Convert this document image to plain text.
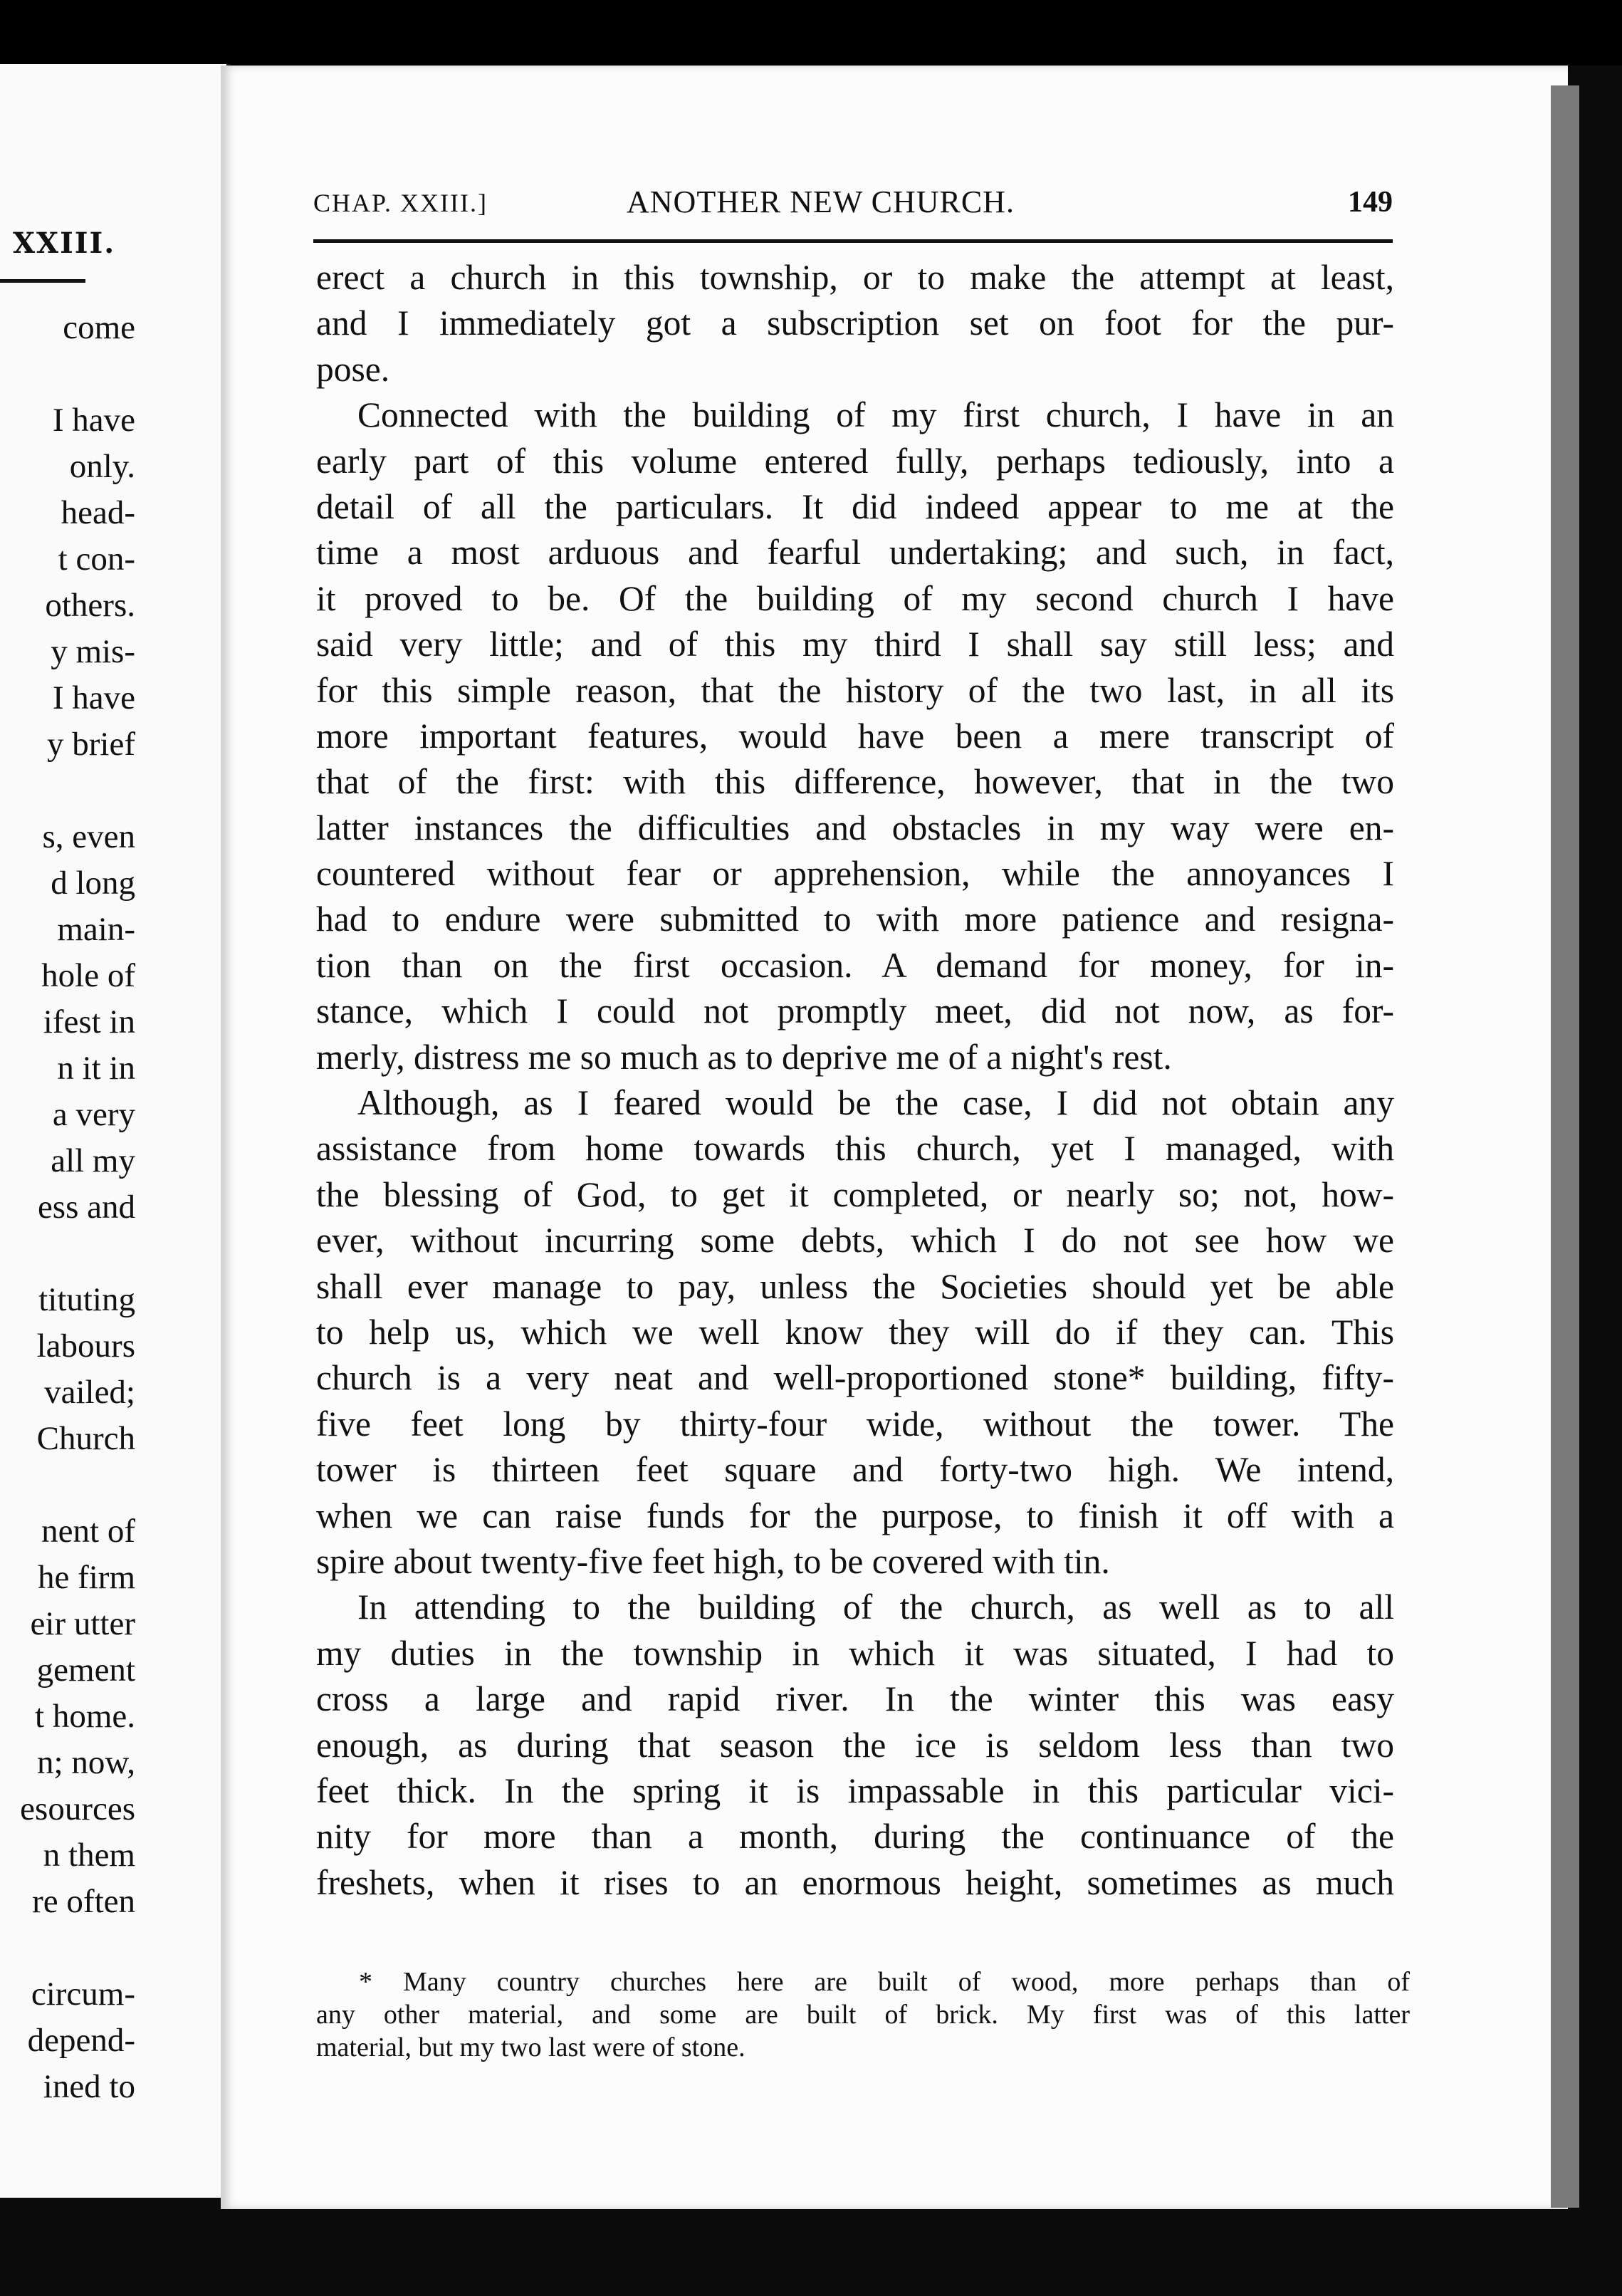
XXIII.
come
I have
only.
head-
t con-
others.
y mis-
I have
y brief
s, even
d long
main-
hole of
ifest in
n it in
a very
all my
ess and
tituting
labours
vailed;
Church
nent of
he firm
eir utter
gement
t home.
n; now,
esources
n them
re often
circum-
depend-
ined to
CHAP. XXIII.]	ANOTHER NEW CHURCH.	149
erect a church in this township, or to make the attempt at least,
and I immediately got a subscription set on foot for the pur-
pose.
Connected with the building of my first church, I have in an
early part of this volume entered fully, perhaps tediously, into a
detail of all the particulars. It did indeed appear to me at the
time a most arduous and fearful undertaking; and such, in fact,
it proved to be. Of the building of my second church I have
said very little; and of this my third I shall say still less; and
for this simple reason, that the history of the two last, in all its
more important features, would have been a mere transcript of
that of the first: with this difference, however, that in the two
latter instances the difficulties and obstacles in my way were en-
countered without fear or apprehension, while the annoyances I
had to endure were submitted to with more patience and resigna-
tion than on the first occasion. A demand for money, for in-
stance, which I could not promptly meet, did not now, as for-
merly, distress me so much as to deprive me of a night's rest.
Although, as I feared would be the case, I did not obtain any
assistance from home towards this church, yet I managed, with
the blessing of God, to get it completed, or nearly so; not, how-
ever, without incurring some debts, which I do not see how we
shall ever manage to pay, unless the Societies should yet be able
to help us, which we well know they will do if they can. This
church is a very neat and well-proportioned stone* building, fifty-
five feet long by thirty-four wide, without the tower. The
tower is thirteen feet square and forty-two high. We intend,
when we can raise funds for the purpose, to finish it off with a
spire about twenty-five feet high, to be covered with tin.
In attending to the building of the church, as well as to all
my duties in the township in which it was situated, I had to
cross a large and rapid river. In the winter this was easy
enough, as during that season the ice is seldom less than two
feet thick. In the spring it is impassable in this particular vici-
nity for more than a month, during the continuance of the
freshets, when it rises to an enormous height, sometimes as much
* Many country churches here are built of wood, more perhaps than of
any other material, and some are built of brick. My first was of this latter
material, but my two last were of stone.
